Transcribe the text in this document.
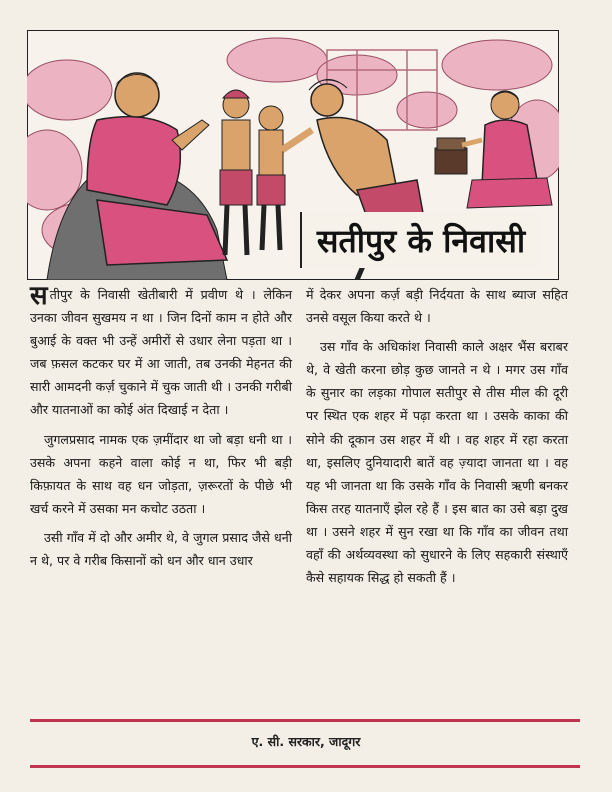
सतीपुर के निवासी

सतीपुर के निवासी खेतीबारी में प्रवीण थे । लेकिन उनका जीवन सुखमय न था । जिन दिनों काम न होते और बुआई के वक्त भी उन्हें अमीरों से उधार लेना पड़ता था । जब फ़सल कटकर घर में आ जाती, तब उनकी मेहनत की सारी आमदनी कर्ज़ चुकाने में चुक जाती थी । उनकी गरीबी और यातनाओं का कोई अंत दिखाई न देता ।

जुगलप्रसाद नामक एक ज़मींदार था जो बड़ा धनी था । उसके अपना कहने वाला कोई न था, फिर भी बड़ी किफ़ायत के साथ वह धन जोड़ता, ज़रूरतों के पीछे भी खर्च करने में उसका मन कचोट उठता ।

उसी गाँव में दो और अमीर थे, वे जुगल प्रसाद जैसे धनी न थे, पर वे गरीब किसानों को धन और धान उधार

में देकर अपना कर्ज़ बड़ी निर्दयता के साथ ब्याज सहित उनसे वसूल किया करते थे ।

उस गाँव के अधिकांश निवासी काले अक्षर भैंस बराबर थे, वे खेती करना छोड़ कुछ जानते न थे । मगर उस गाँव के सुनार का लड़का गोपाल सतीपुर से तीस मील की दूरी पर स्थित एक शहर में पढ़ा करता था । उसके काका की सोने की दूकान उस शहर में थी । वह शहर में रहा करता था, इसलिए दुनियादारी बातें वह ज़्यादा जानता था । वह यह भी जानता था कि उसके गाँव के निवासी ऋणी बनकर किस तरह यातनाएँ झेल रहे हैं । इस बात का उसे बड़ा दुख था । उसने शहर में सुन रखा था कि गाँव का जीवन तथा वहाँ की अर्थव्यवस्था को सुधारने के लिए सहकारी संस्थाएँ कैसे सहायक सिद्ध हो सकती हैं ।

ए. सी. सरकार, जादूगर
